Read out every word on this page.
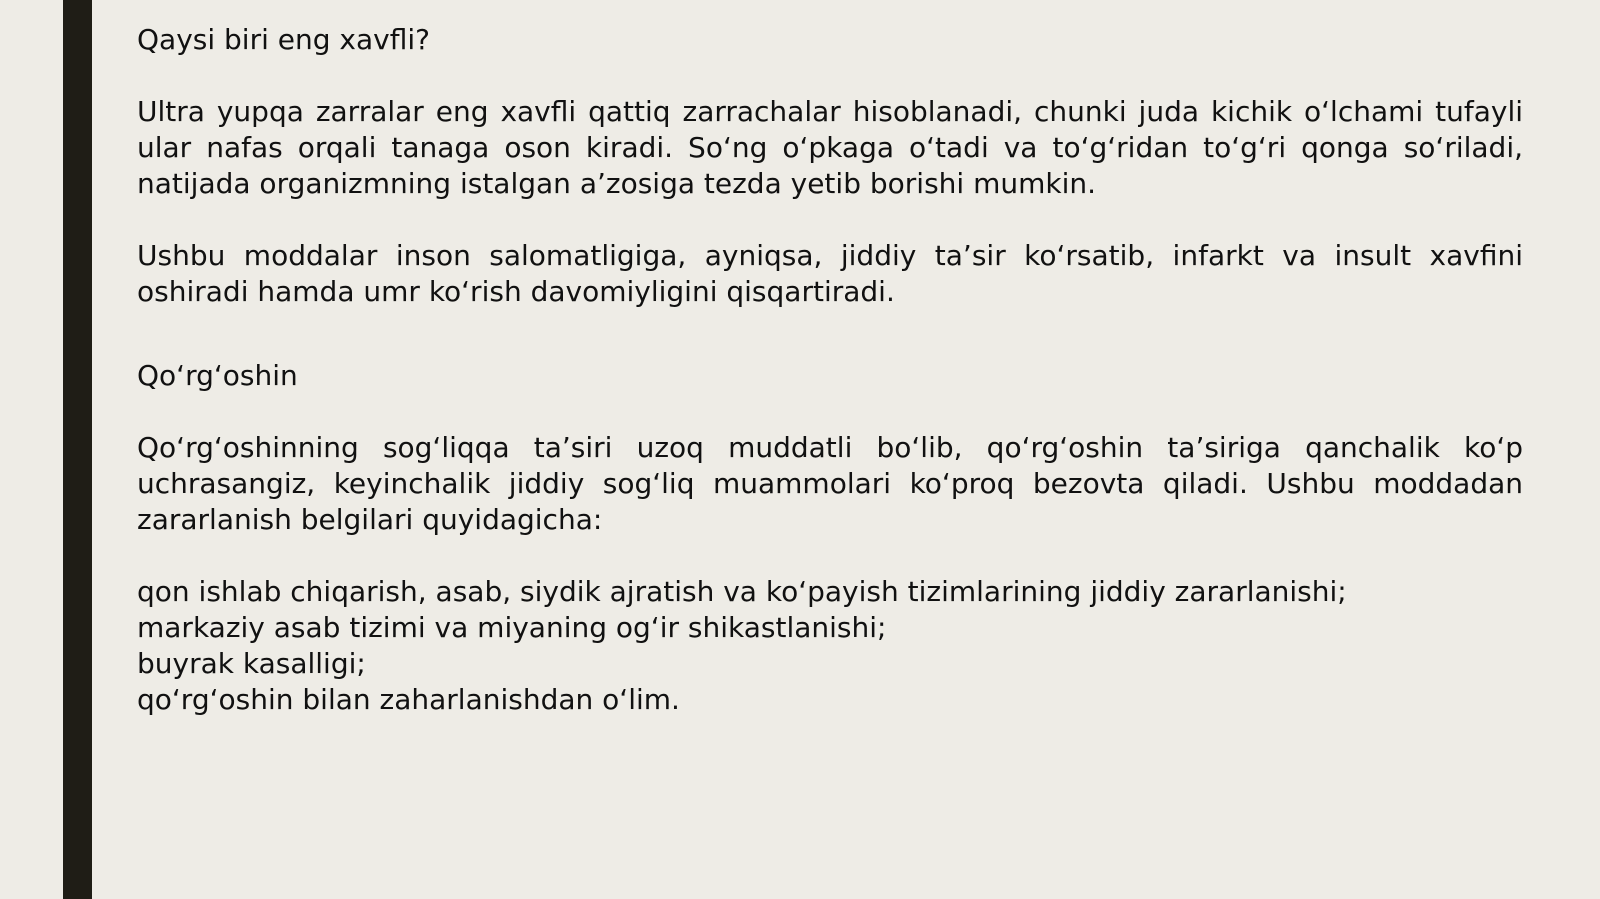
Qaysi biri eng xavfli?

Ultra yupqa zarralar eng xavfli qattiq zarrachalar hisoblanadi, chunki juda kichik o‘lchami tufayli ular nafas orqali tanaga oson kiradi. So‘ng o‘pkaga o‘tadi va to‘g‘ridan to‘g‘ri qonga so‘riladi, natijada organizmning istalgan a’zosiga tezda yetib borishi mumkin.

Ushbu moddalar inson salomatligiga, ayniqsa, jiddiy ta’sir ko‘rsatib, infarkt va insult xavfini oshiradi hamda umr ko‘rish davomiyligini qisqartiradi.

Qo‘rg‘oshin

Qo‘rg‘oshinning sog‘liqqa ta’siri uzoq muddatli bo‘lib, qo‘rg‘oshin ta’siriga qanchalik ko‘p uchrasangiz, keyinchalik jiddiy sog‘liq muammolari ko‘proq bezovta qiladi. Ushbu moddadan zararlanish belgilari quyidagicha:

qon ishlab chiqarish, asab, siydik ajratish va ko‘payish tizimlarining jiddiy zararlanishi;
markaziy asab tizimi va miyaning og‘ir shikastlanishi;
buyrak kasalligi;
qo‘rg‘oshin bilan zaharlanishdan o‘lim.
